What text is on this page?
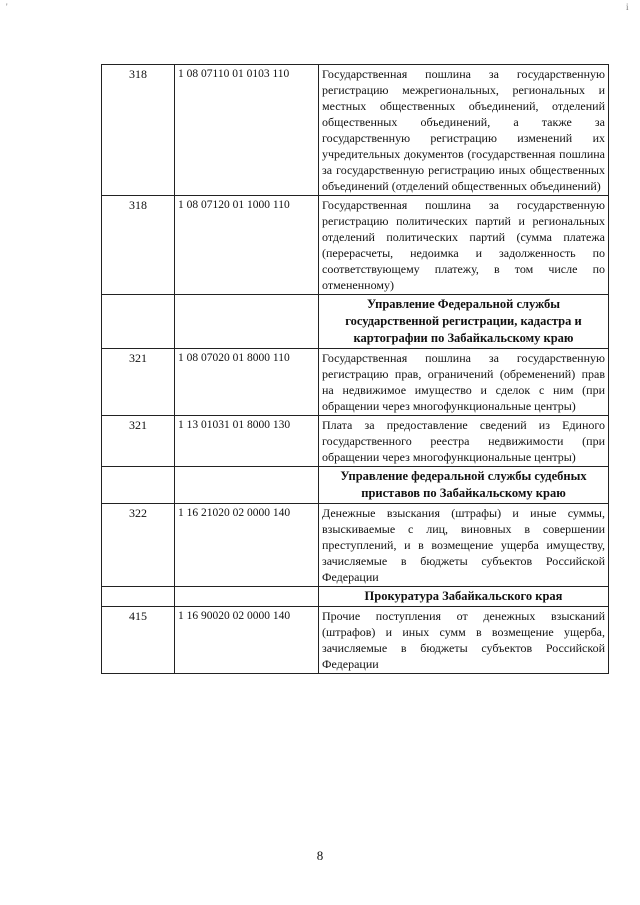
'	i
318	1 08 07110 01 0103 110	Государственная пошлина за государственную регистрацию межрегиональных, региональных и местных общественных объединений, отделений общественных объединений, а также за государственную регистрацию изменений их учредительных документов (государственная пошлина за государственную регистрацию иных общественных объединений (отделений общественных объединений)
318	1 08 07120 01 1000 110	Государственная пошлина за государственную регистрацию политических партий и региональных отделений политических партий (сумма платежа (перерасчеты, недоимка и задолженность по соответствующему платежу, в том числе по отмененному)
		Управление Федеральной службы государственной регистрации, кадастра и картографии по Забайкальскому краю
321	1 08 07020 01 8000 110	Государственная пошлина за государственную регистрацию прав, ограничений (обременений) прав на недвижимое имущество и сделок с ним (при обращении через многофункциональные центры)
321	1 13 01031 01 8000 130	Плата за предоставление сведений из Единого государственного реестра недвижимости (при обращении через многофункциональные центры)
		Управление федеральной службы судебных приставов по Забайкальскому краю
322	1 16 21020 02 0000 140	Денежные взыскания (штрафы) и иные суммы, взыскиваемые с лиц, виновных в совершении преступлений, и в возмещение ущерба имуществу, зачисляемые в бюджеты субъектов Российской Федерации
		Прокуратура Забайкальского края
415	1 16 90020 02 0000 140	Прочие поступления от денежных взысканий (штрафов) и иных сумм в возмещение ущерба, зачисляемые в бюджеты субъектов Российской Федерации
8
